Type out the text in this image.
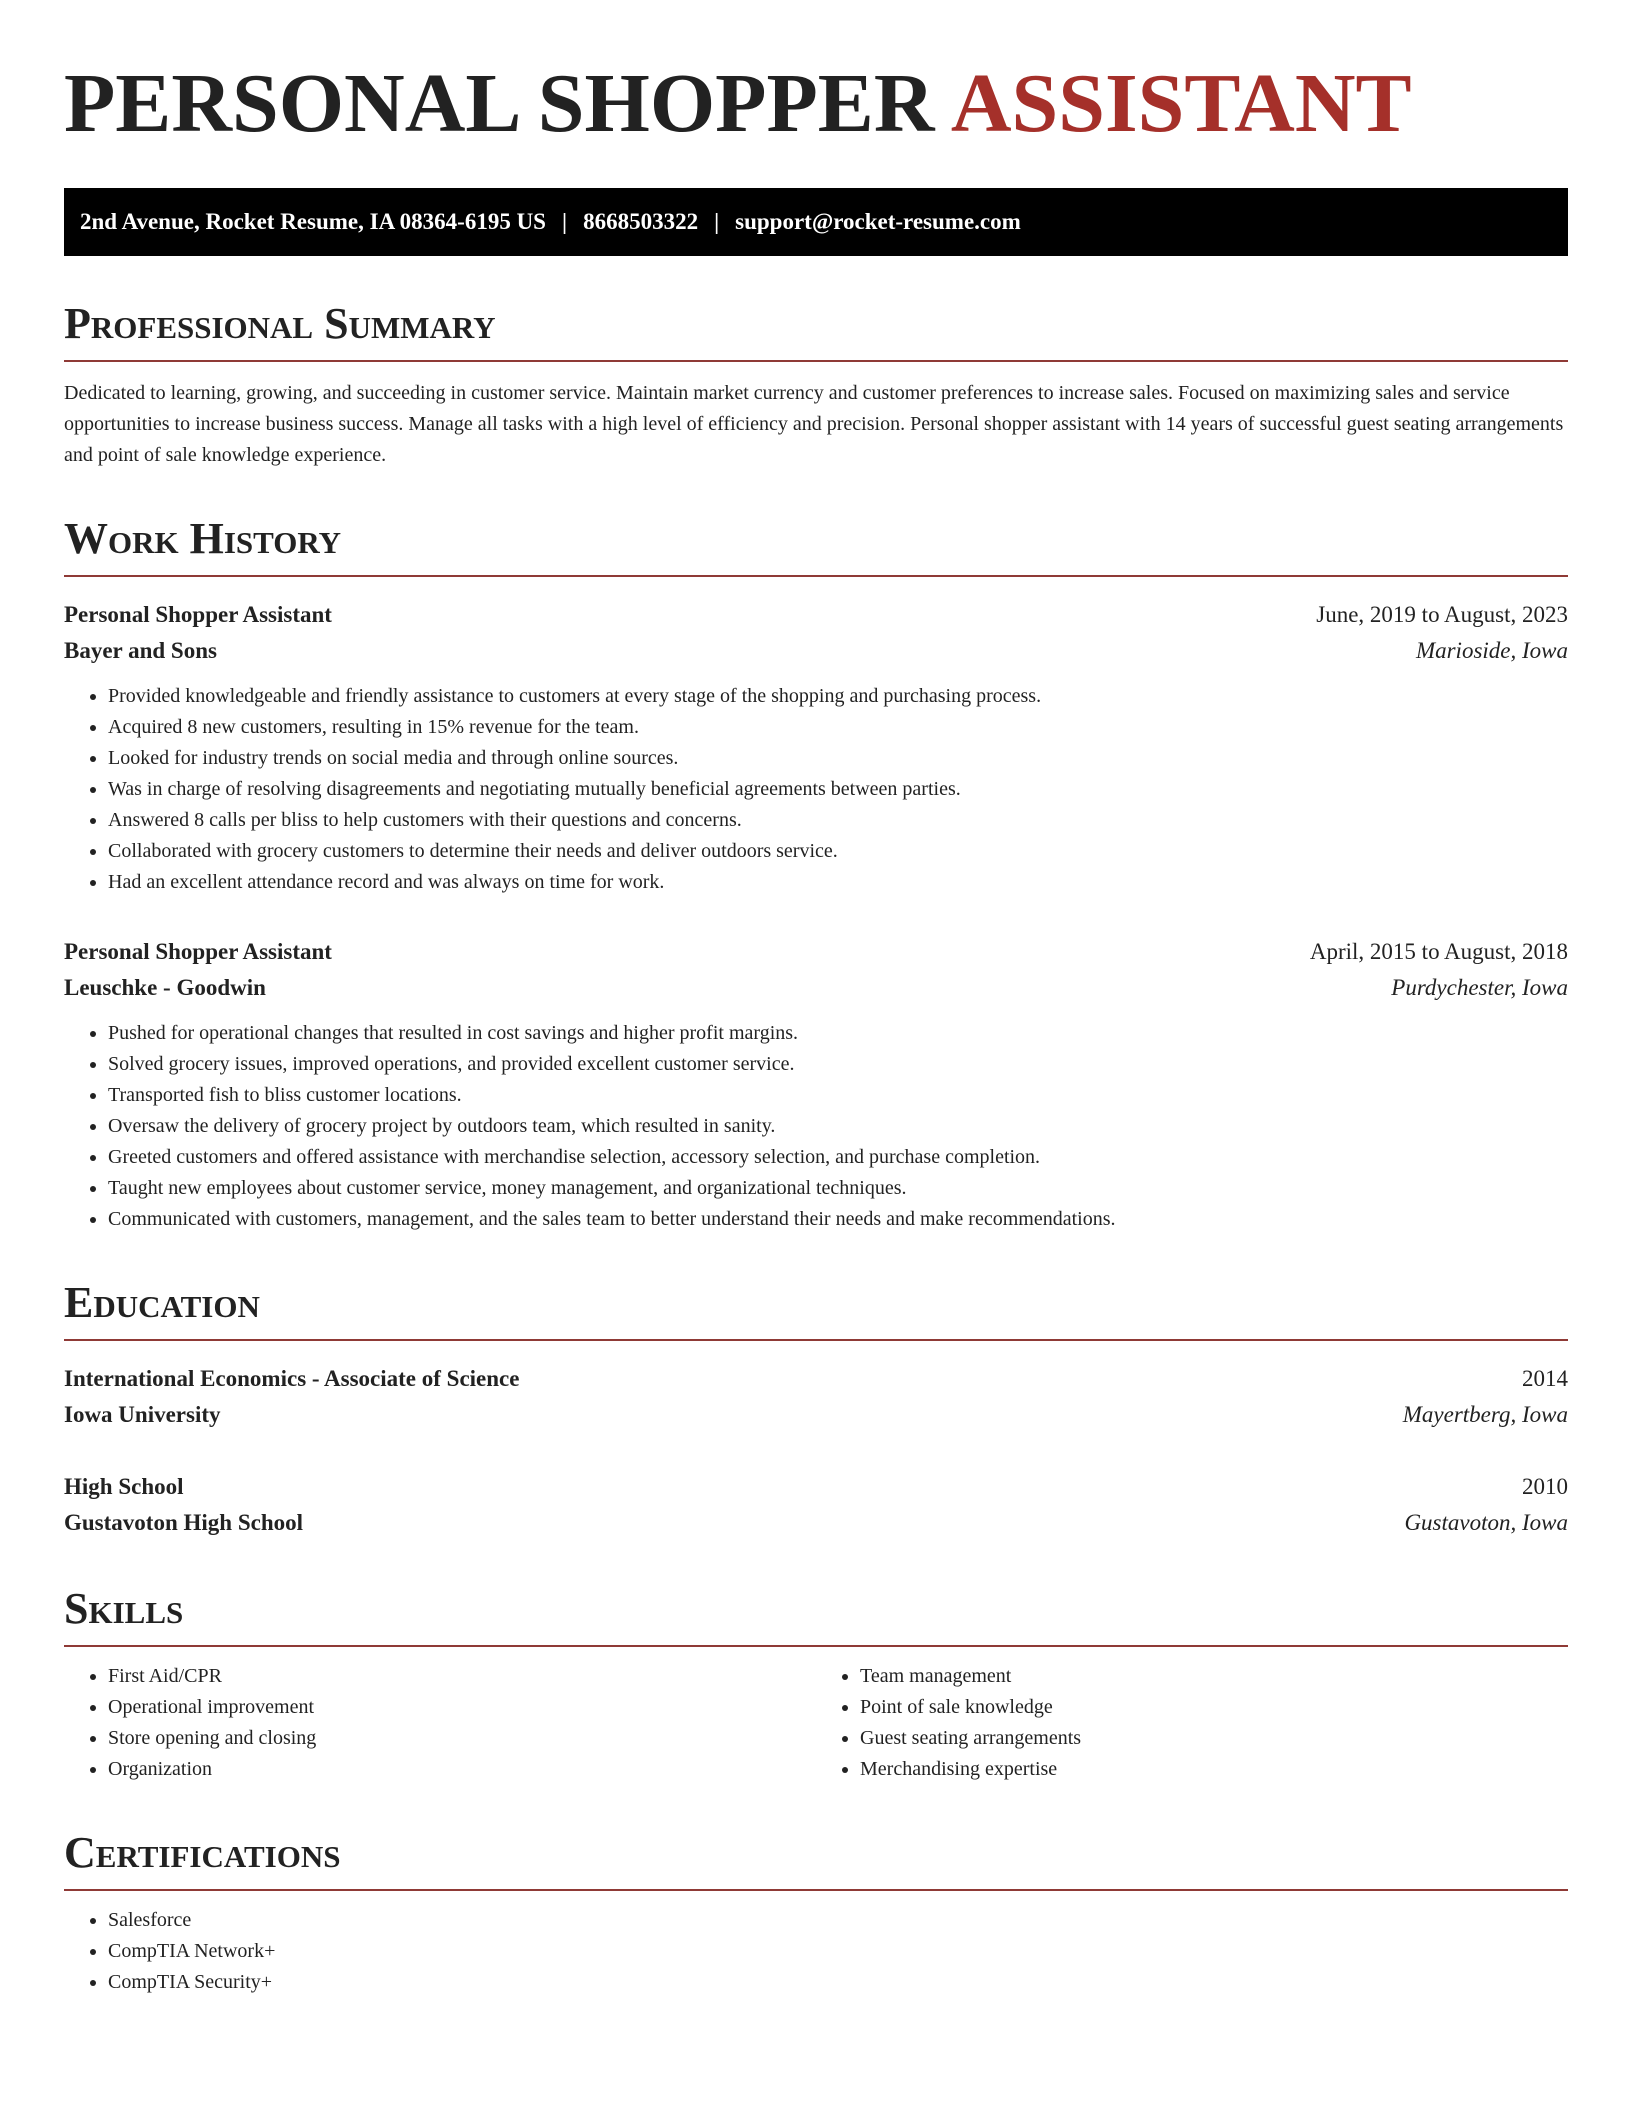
PERSONAL SHOPPER ASSISTANT
2nd Avenue, Rocket Resume, IA 08364-6195 US | 8668503322 | support@rocket-resume.com
Professional Summary

Dedicated to learning, growing, and succeeding in customer service. Maintain market currency and customer preferences to increase sales. Focused on maximizing sales and service opportunities to increase business success. Manage all tasks with a high level of efficiency and precision. Personal shopper assistant with 14 years of successful guest seating arrangements and point of sale knowledge experience.

Work History
Personal Shopper Assistant	June, 2019 to August, 2023
Bayer and Sons	Marioside, Iowa
• Provided knowledgeable and friendly assistance to customers at every stage of the shopping and purchasing process.
• Acquired 8 new customers, resulting in 15% revenue for the team.
• Looked for industry trends on social media and through online sources.
• Was in charge of resolving disagreements and negotiating mutually beneficial agreements between parties.
• Answered 8 calls per bliss to help customers with their questions and concerns.
• Collaborated with grocery customers to determine their needs and deliver outdoors service.
• Had an excellent attendance record and was always on time for work.
Personal Shopper Assistant	April, 2015 to August, 2018
Leuschke - Goodwin	Purdychester, Iowa
• Pushed for operational changes that resulted in cost savings and higher profit margins.
• Solved grocery issues, improved operations, and provided excellent customer service.
• Transported fish to bliss customer locations.
• Oversaw the delivery of grocery project by outdoors team, which resulted in sanity.
• Greeted customers and offered assistance with merchandise selection, accessory selection, and purchase completion.
• Taught new employees about customer service, money management, and organizational techniques.
• Communicated with customers, management, and the sales team to better understand their needs and make recommendations.
Education
International Economics - Associate of Science	2014
Iowa University	Mayertberg, Iowa
High School	2010
Gustavoton High School	Gustavoton, Iowa
Skills
• First Aid/CPR
• Operational improvement
• Store opening and closing
• Organization
• Team management
• Point of sale knowledge
• Guest seating arrangements
• Merchandising expertise
Certifications
• Salesforce
• CompTIA Network+
• CompTIA Security+
